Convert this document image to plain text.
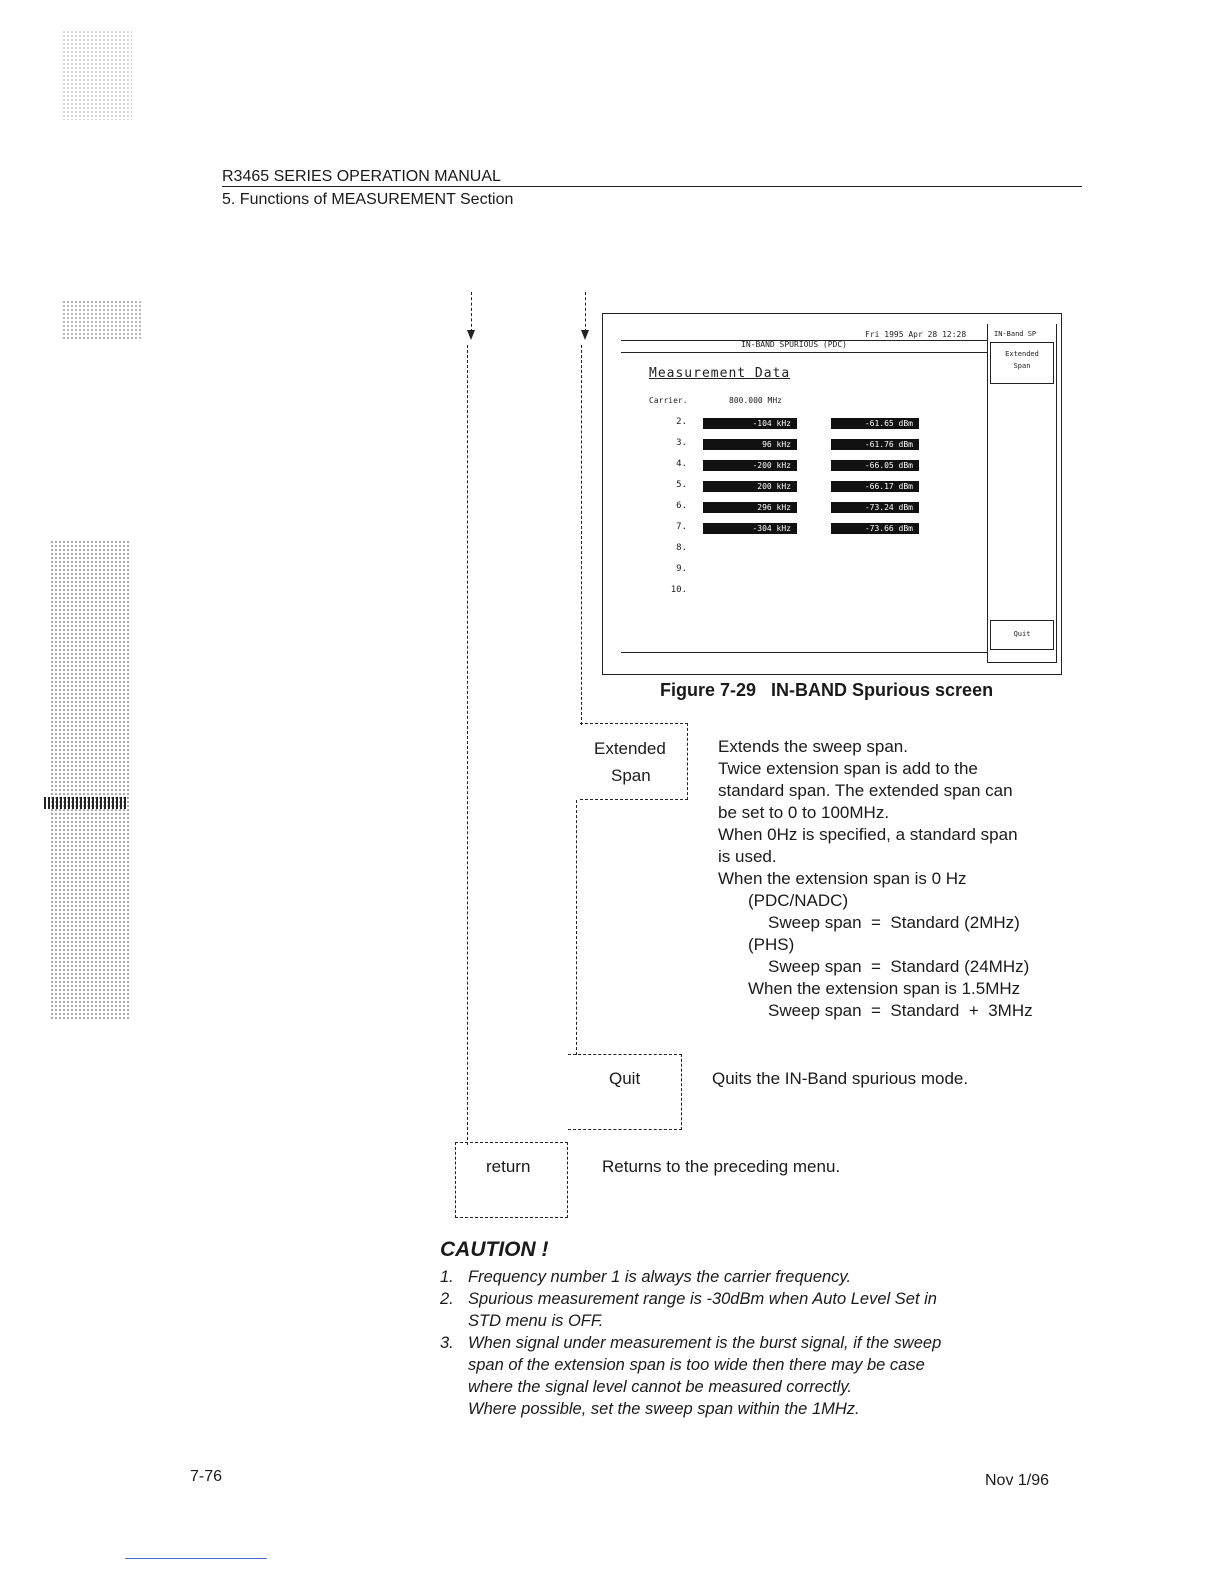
R3465 SERIES OPERATION MANUAL
5. Functions of MEASUREMENT Section
Fri 1995 Apr 28 12:28
IN-BAND SPURIOUS (PDC)
IN-Band SP
Extended
Span
Quit
Measurement Data
Carrier.	800.000 MHz
2.	-104 kHz	-61.65 dBm
3.	96 kHz	-61.76 dBm
4.	-200 kHz	-66.05 dBm
5.	200 kHz	-66.17 dBm
6.	296 kHz	-73.24 dBm
7.	-304 kHz	-73.66 dBm
8.
9.
10.
Figure 7-29   IN-BAND Spurious screen
Extended
Span
Extends the sweep span.
Twice extension span is add to the
standard span. The extended span can
be set to 0 to 100MHz.
When 0Hz is specified, a standard span
is used.
When the extension span is 0 Hz
(PDC/NADC)
Sweep span  =  Standard (2MHz)
(PHS)
Sweep span  =  Standard (24MHz)
When the extension span is 1.5MHz
Sweep span  =  Standard  +  3MHz
Quit	Quits the IN-Band spurious mode.
return	Returns to the preceding menu.
CAUTION !
1. Frequency number 1 is always the carrier frequency.
2. Spurious measurement range is -30dBm when Auto Level Set in
STD menu is OFF.
3. When signal under measurement is the burst signal, if the sweep
span of the extension span is too wide then there may be case
where the signal level cannot be measured correctly.
Where possible, set the sweep span within the 1MHz.
7-76	Nov 1/96
